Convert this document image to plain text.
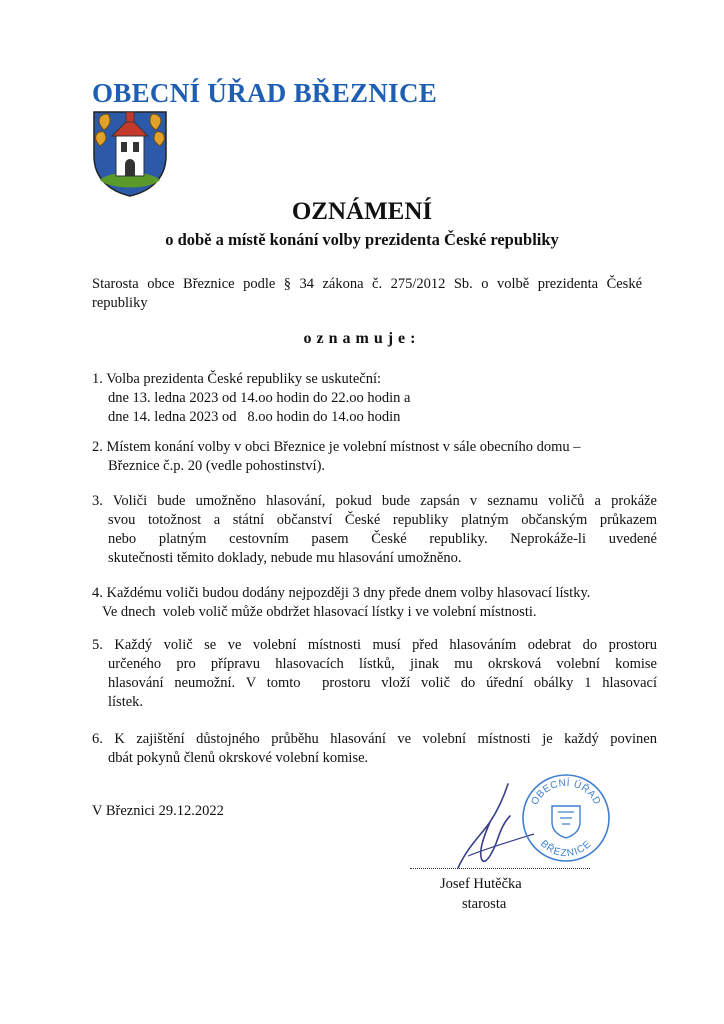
OBECNÍ ÚŘAD BŘEZNICE
OZNÁMENÍ
o době a místě konání volby prezidenta České republiky
Starosta obce Březnice podle § 34 zákona č. 275/2012 Sb. o volbě prezidenta České
republiky
oznamuje:
1. Volba prezidenta České republiky se uskuteční:
dne 13. ledna 2023 od 14.oo hodin do 22.oo hodin a
dne 14. ledna 2023 od   8.oo hodin do 14.oo hodin
2. Místem konání volby v obci Březnice je volební místnost v sále obecního domu –
Březnice č.p. 20 (vedle pohostinství).
3. Voliči bude umožněno hlasování, pokud bude zapsán v seznamu voličů a prokáže
svou totožnost a státní občanství České republiky platným občanským průkazem
nebo platným cestovním pasem České republiky. Neprokáže-li uvedené
skutečnosti těmito doklady, nebude mu hlasování umožněno.
4. Každému voliči budou dodány nejpozději 3 dny předе dnem volby hlasovací lístky.
Ve dnech  voleb volič může obdržet hlasovací lístky i ve volební místnosti.
5. Každý volič se ve volební místnosti musí před hlasováním odebrat do prostoru
určeného pro přípravu hlasovacích lístků, jinak mu okrsková volební komise
hlasování neumožní. V tomto  prostoru vloží volič do úřední obálky 1 hlasovací
lístek.
6. K zajištění důstojného průběhu hlasování ve volební místnosti je každý povinen
dbát pokynů členů okrskové volební komise.
V Březnici 29.12.2022
OBECNÍ ÚŘAD
BŘEZNICE
Josef Hutěčka
starosta
